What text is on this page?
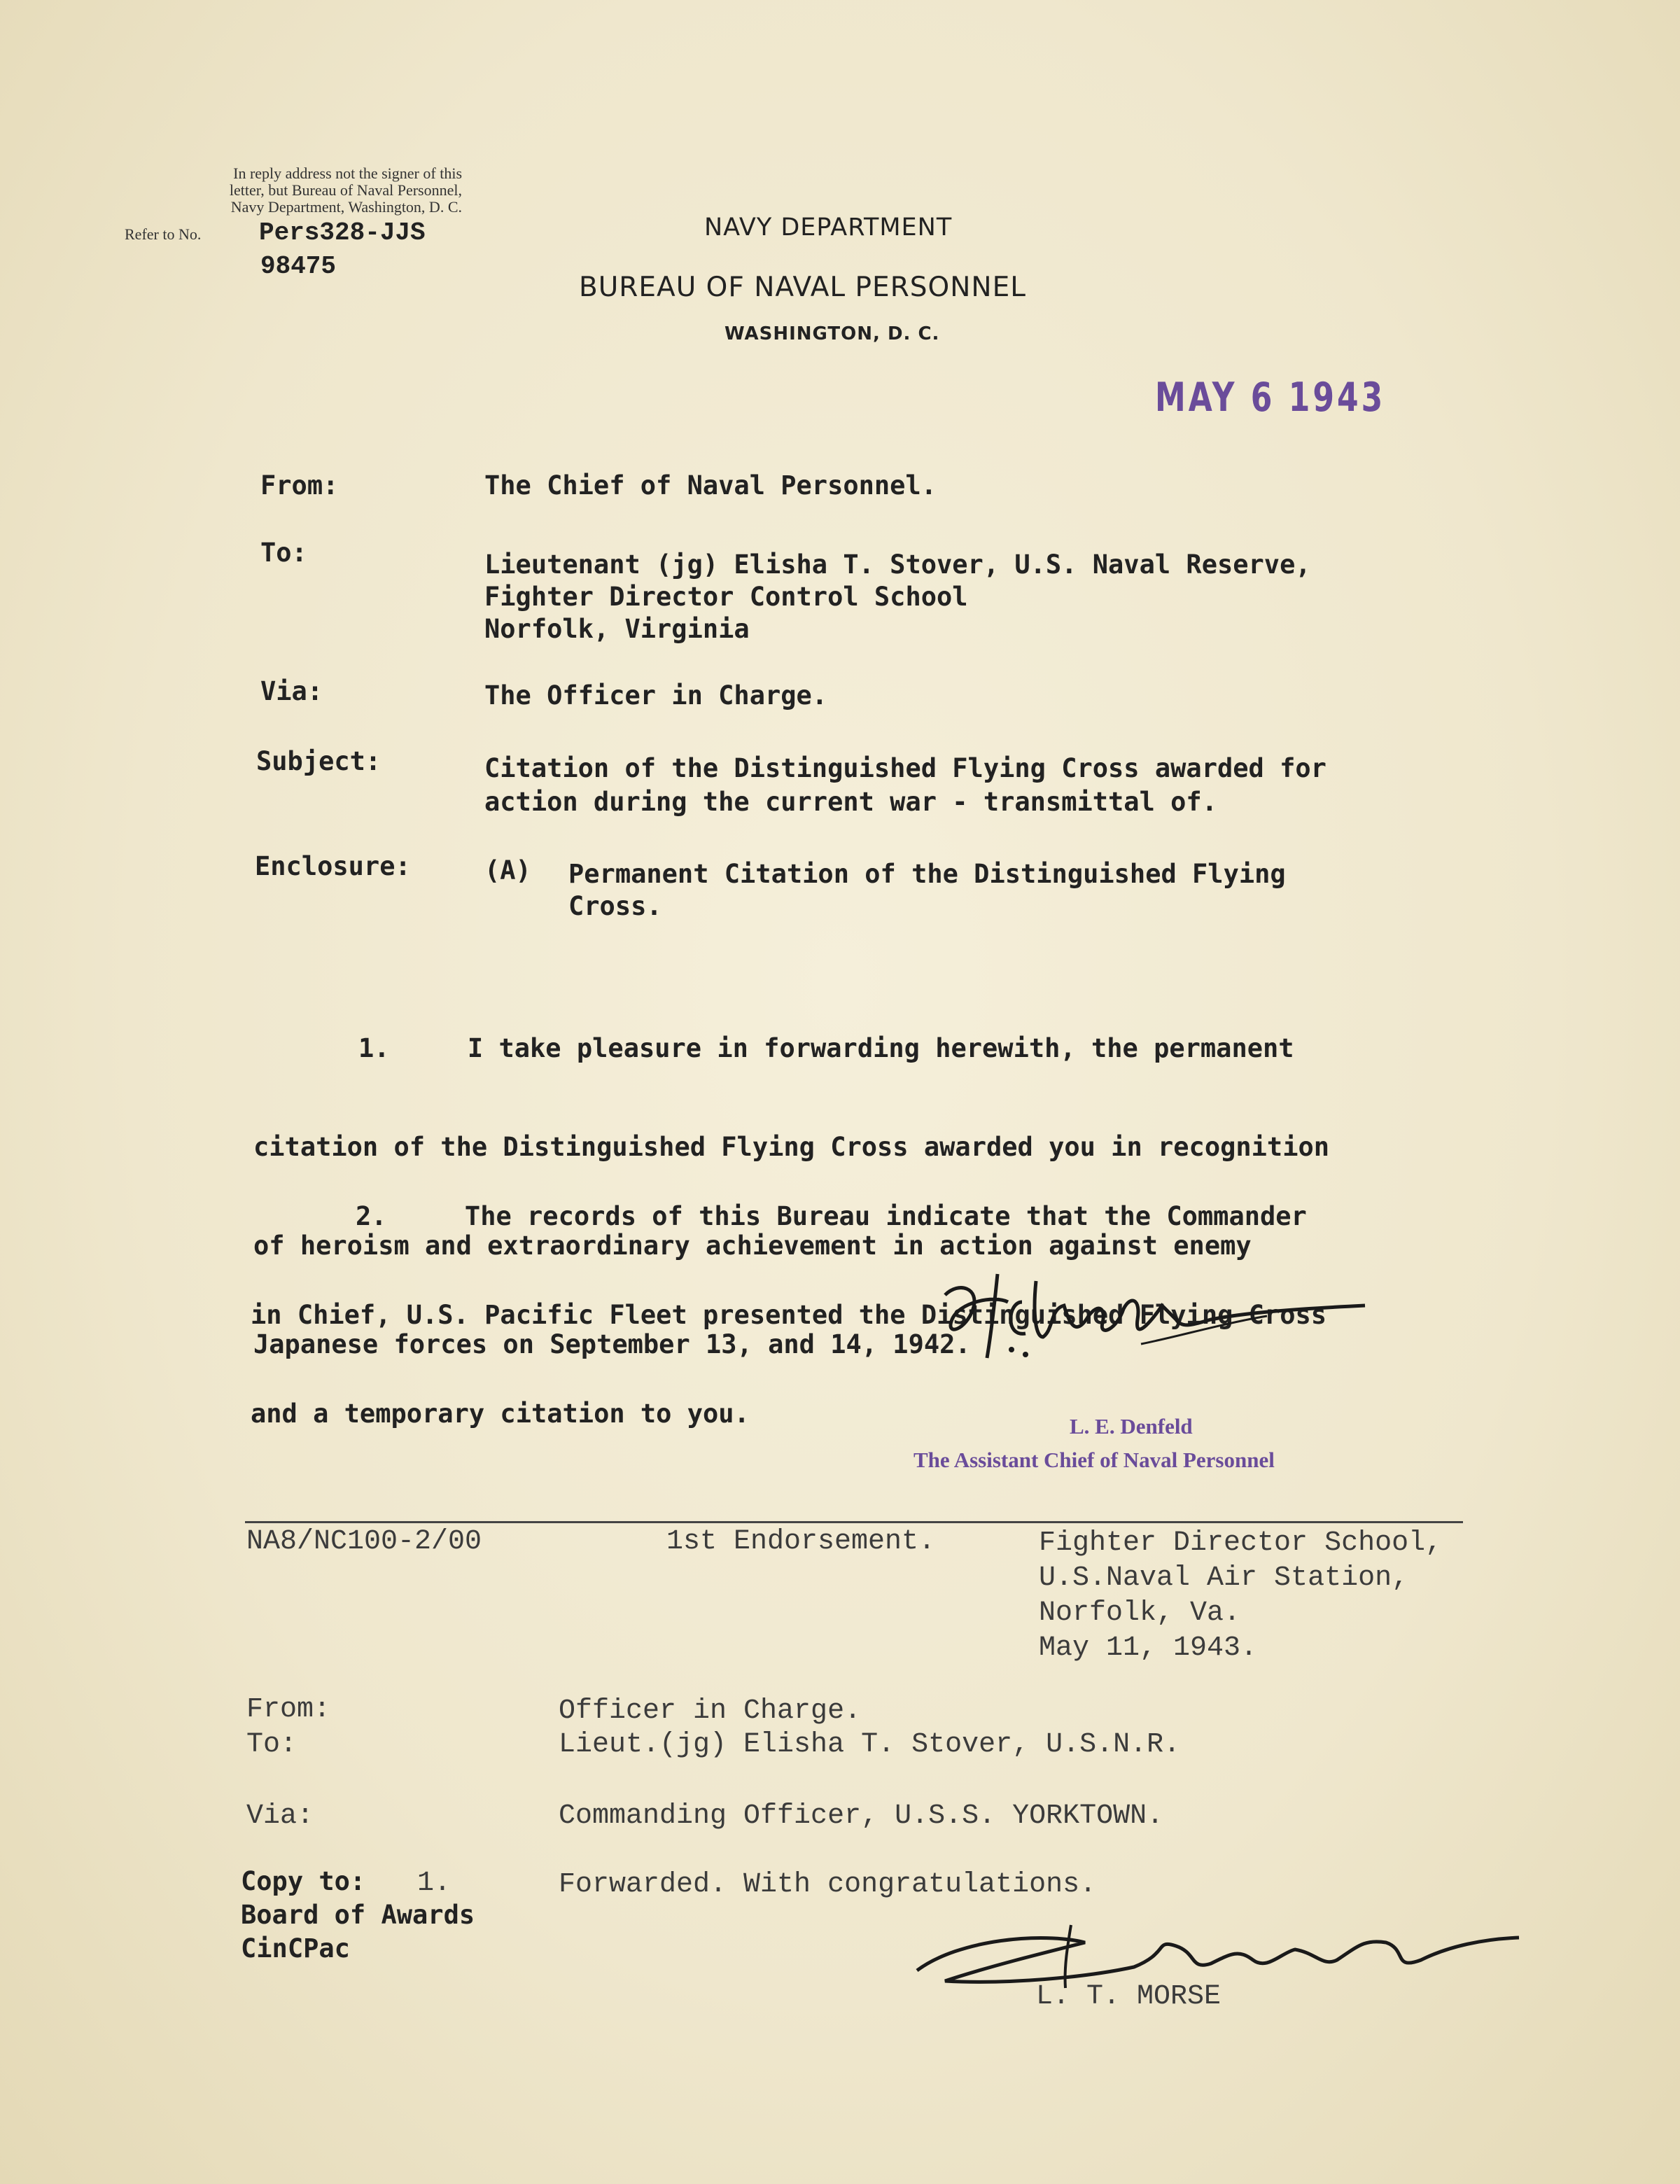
In reply address not the signer of this
letter, but Bureau of Naval Personnel,
Navy Department, Washington, D. C.
Refer to No. Pers328-JJS
98475
NAVY DEPARTMENT
BUREAU OF NAVAL PERSONNEL
WASHINGTON, D. C.
MAY 6 1943
From:	The Chief of Naval Personnel.
To:	Lieutenant (jg) Elisha T. Stover, U.S. Naval Reserve,

Fighter Director Control School

Norfolk, Virginia

Via:	The Officer in Charge.
Subject:	Citation of the Distinguished Flying Cross awarded for

action during the current war - transmittal of.

Enclosure:	(A) Permanent Citation of the Distinguished Flying

Cross.

1.     I take pleasure in forwarding herewith, the permanent

citation of the Distinguished Flying Cross awarded you in recognition

of heroism and extraordinary achievement in action against enemy

Japanese forces on September 13, and 14, 1942.

2.     The records of this Bureau indicate that the Commander

in Chief, U.S. Pacific Fleet presented the Distinguished Flying Cross

and a temporary citation to you.

	L. E. Denfeld
The Assistant Chief of Naval Personnel
NA8/NC100-2/00	1st Endorsement.	Fighter Director School,

U.S.Naval Air Station,

Norfolk, Va.

May 11, 1943.

From:	Officer in Charge.
To:	Lieut.(jg) Elisha T. Stover, U.S.N.R.
Via:	Commanding Officer, U.S.S. YORKTOWN.
Copy to: 1.	Forwarded. With congratulations.

Board of Awards

CinCPac

L. T. MORSE
